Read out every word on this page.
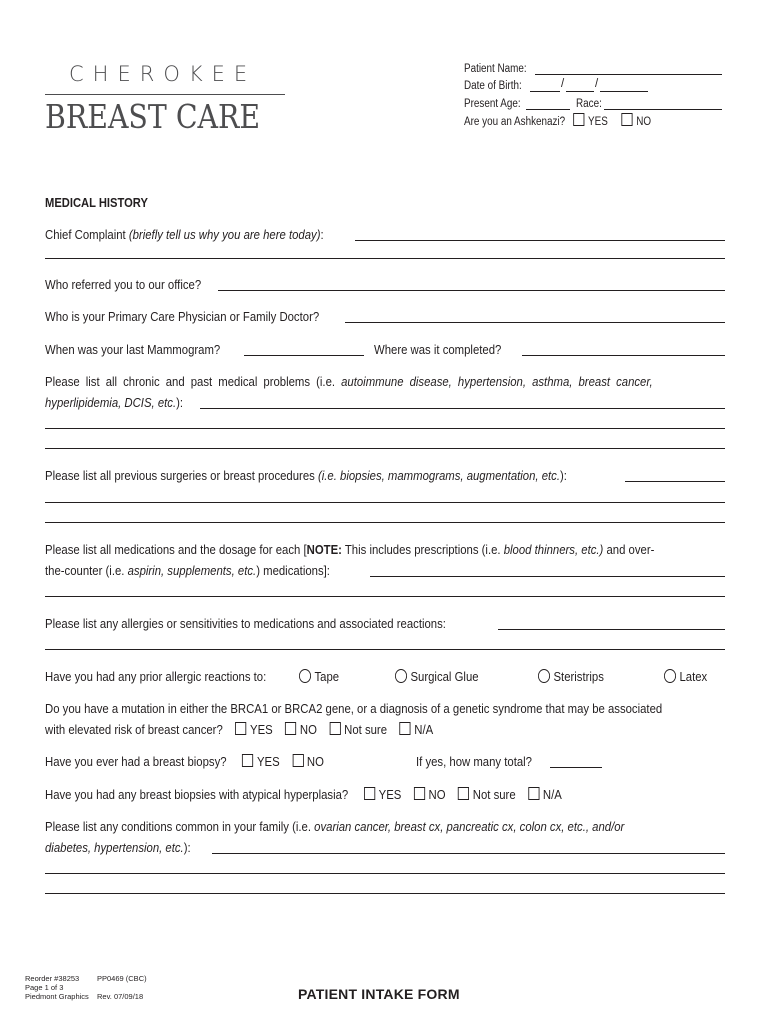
CHEROKEE
BREAST CARE
Patient Name:
Date of Birth:	/	/
Present Age:	Race:
Are you an Ashkenazi? YES NO
MEDICAL HISTORY
Chief Complaint (briefly tell us why you are here today):
Who referred you to our office?
Who is your Primary Care Physician or Family Doctor?
When was your last Mammogram?	Where was it completed?
Please list all chronic and past medical problems (i.e. autoimmune disease, hypertension, asthma, breast cancer,
hyperlipidemia, DCIS, etc.):
Please list all previous surgeries or breast procedures (i.e. biopsies, mammograms, augmentation, etc.):
Please list all medications and the dosage for each [NOTE: This includes prescriptions (i.e. blood thinners, etc.) and over-
the-counter (i.e. aspirin, supplements, etc.) medications]:
Please list any allergies or sensitivities to medications and associated reactions:
Have you had any prior allergic reactions to:	Tape	Surgical Glue	Steristrips	Latex
Do you have a mutation in either the BRCA1 or BRCA2 gene, or a diagnosis of a genetic syndrome that may be associated
with elevated risk of breast cancer? YES NO Not sure N/A
Have you ever had a breast biopsy? YES NO	If yes, how many total?
Have you had any breast biopsies with atypical hyperplasia? YES NO Not sure N/A
Please list any conditions common in your family (i.e. ovarian cancer, breast cx, pancreatic cx, colon cx, etc., and/or
diabetes, hypertension, etc.):
Reorder #38253
Page 1 of 3
Piedmont Graphics
PP0469 (CBC)

Rev. 07/09/18	PATIENT INTAKE FORM
